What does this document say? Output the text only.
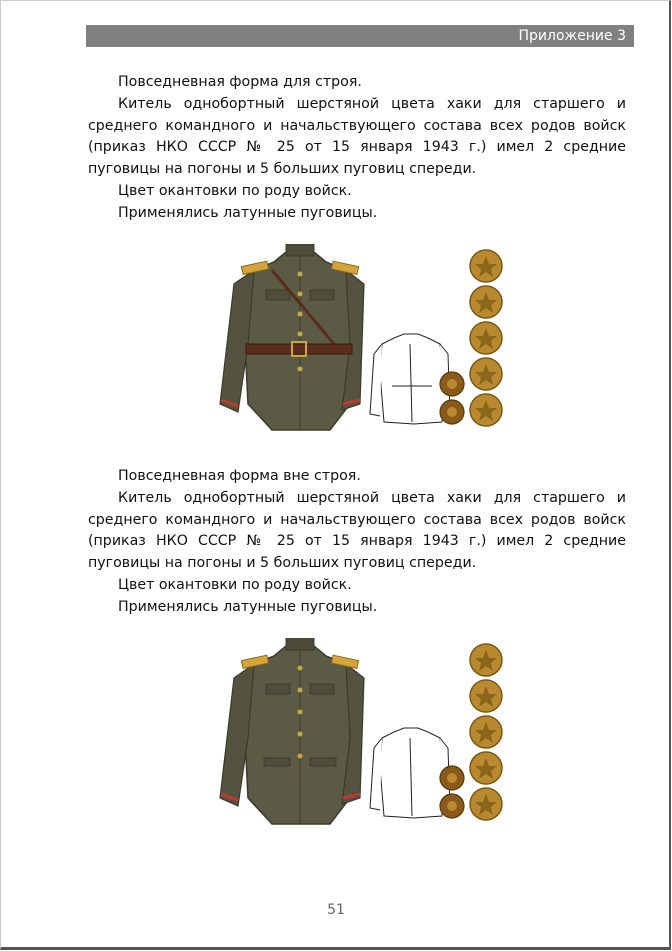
Приложение 3

Повседневная форма для строя.

Китель однобортный шерстяной цвета хаки для старшего и среднего командного и начальствующего состава всех родов войск (приказ НКО СССР № 25 от 15 января 1943 г.) имел 2 средние пуговицы на погоны и 5 больших пуговиц спереди.

Цвет окантовки по роду войск.

Применялись латунные пуговицы.

Повседневная форма вне строя.

Китель однобортный шерстяной цвета хаки для старшего и среднего командного и начальствующего состава всех родов войск (приказ НКО СССР № 25 от 15 января 1943 г.) имел 2 средние пуговицы на погоны и 5 больших пуговиц спереди.

Цвет окантовки по роду войск.

Применялись латунные пуговицы.

51
